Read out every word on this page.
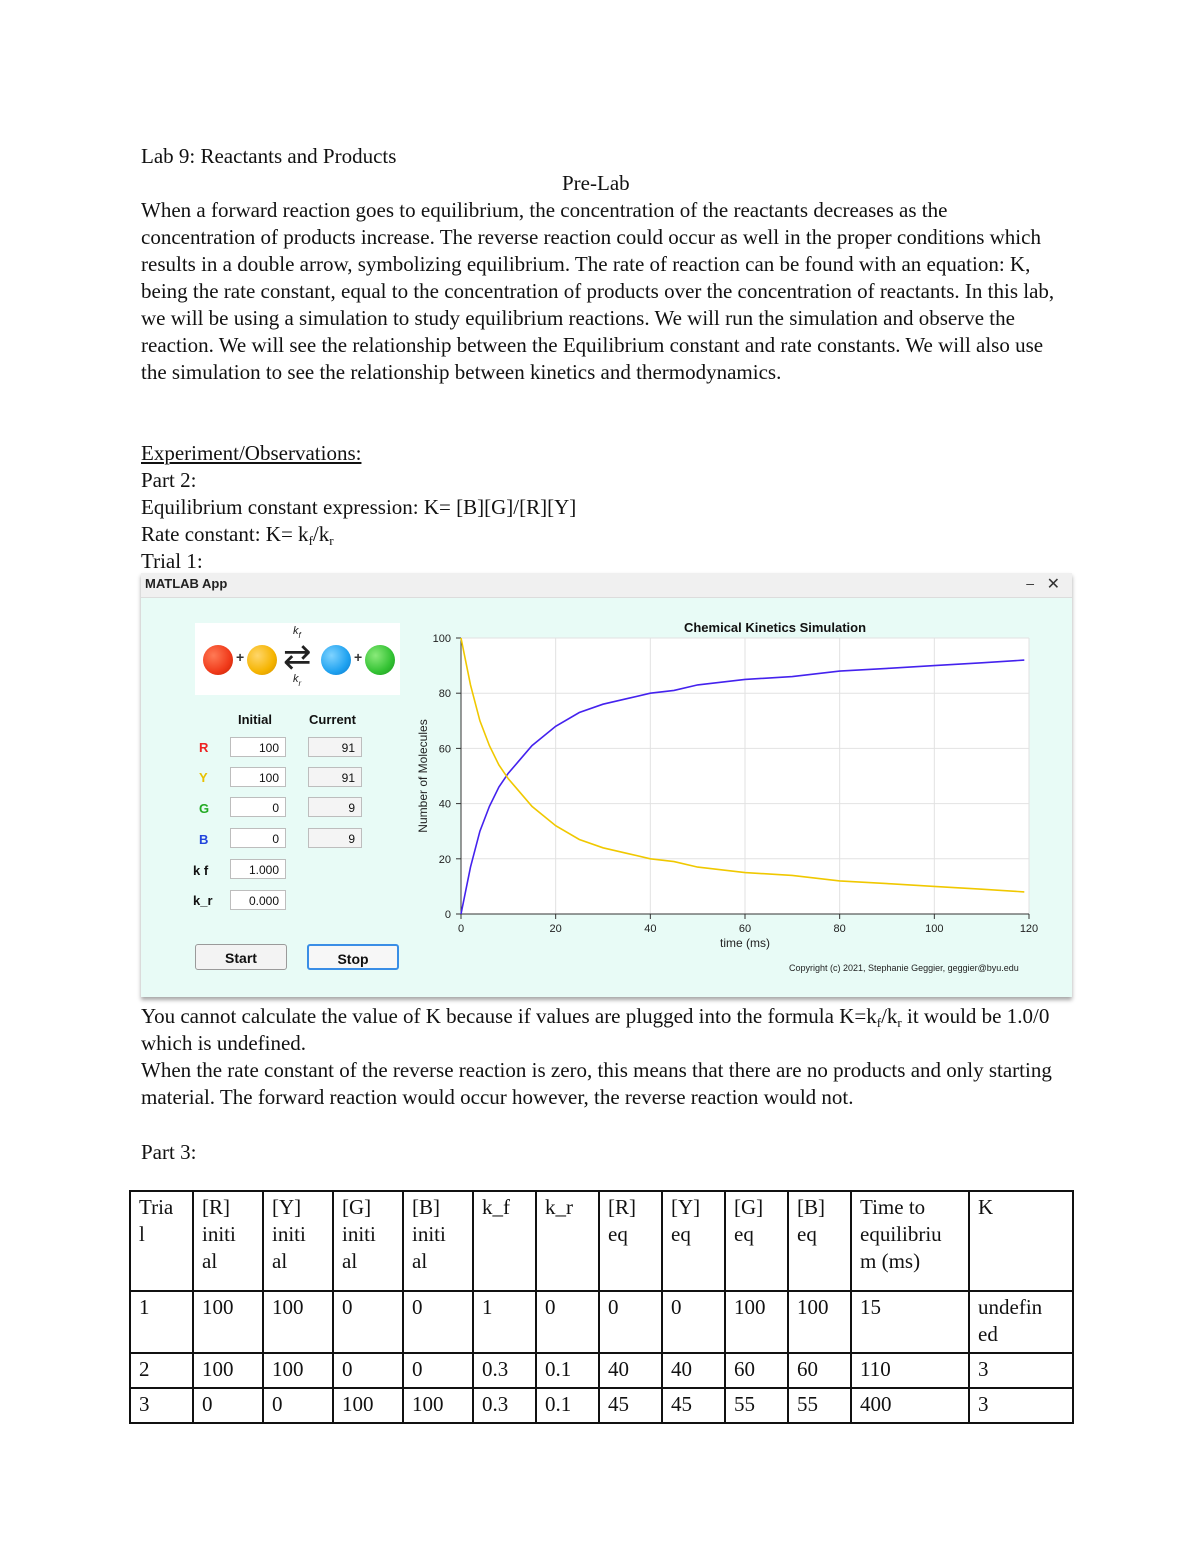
Lab 9: Reactants and Products
Pre-Lab
When a forward reaction goes to equilibrium, the concentration of the reactants decreases as the concentration of products increase. The reverse reaction could occur as well in the proper conditions which results in a double arrow, symbolizing equilibrium. The rate of reaction can be found with an equation: K, being the rate constant, equal to the concentration of products over the concentration of reactants. In this lab, we will be using a simulation to study equilibrium reactions. We will run the simulation and observe the reaction. We will see the relationship between the Equilibrium constant and rate constants. We will also use the simulation to see the relationship between kinetics and thermodynamics.
Experiment/Observations:
Part 2:
Equilibrium constant expression: K= [B][G]/[R][Y]
Rate constant: $K= k_f/k_r$
Trial 1:
MATLAB App	– ✕
+
$k_f$
⇄
$k_r$
+
Initial	Current
R	100	91
Y	100	91
G	0	9
B	0	9
k f	1.000
k_r	0.000
Start	Stop
0	20	40	60	80	100	120
0
20
40
60
80
100
Chemical Kinetics Simulation
time (ms)
Number of Molecules
Copyright (c) 2021, Stephanie Geggier, geggier@byu.edu
You cannot calculate the value of K because if values are plugged into the formula $K=k_f/k_r$ it would be 1.0/0 which is undefined.
When the rate constant of the reverse reaction is zero, this means that there are no products and only starting material. The forward reaction would occur however, the reverse reaction would not.
Part 3:
Tria l	[R] initi al	[Y] initi al	[G] initi al	[B] initi al	k_f	k_r	[R] eq	[Y] eq	[G] eq	[B] eq	Time to equilibriu m (ms)	K
1	100	100	0	0	1	0	0	0	100	100	15	undefin ed
2	100	100	0	0	0.3	0.1	40	40	60	60	110	3
3	0	0	100	100	0.3	0.1	45	45	55	55	400	3
